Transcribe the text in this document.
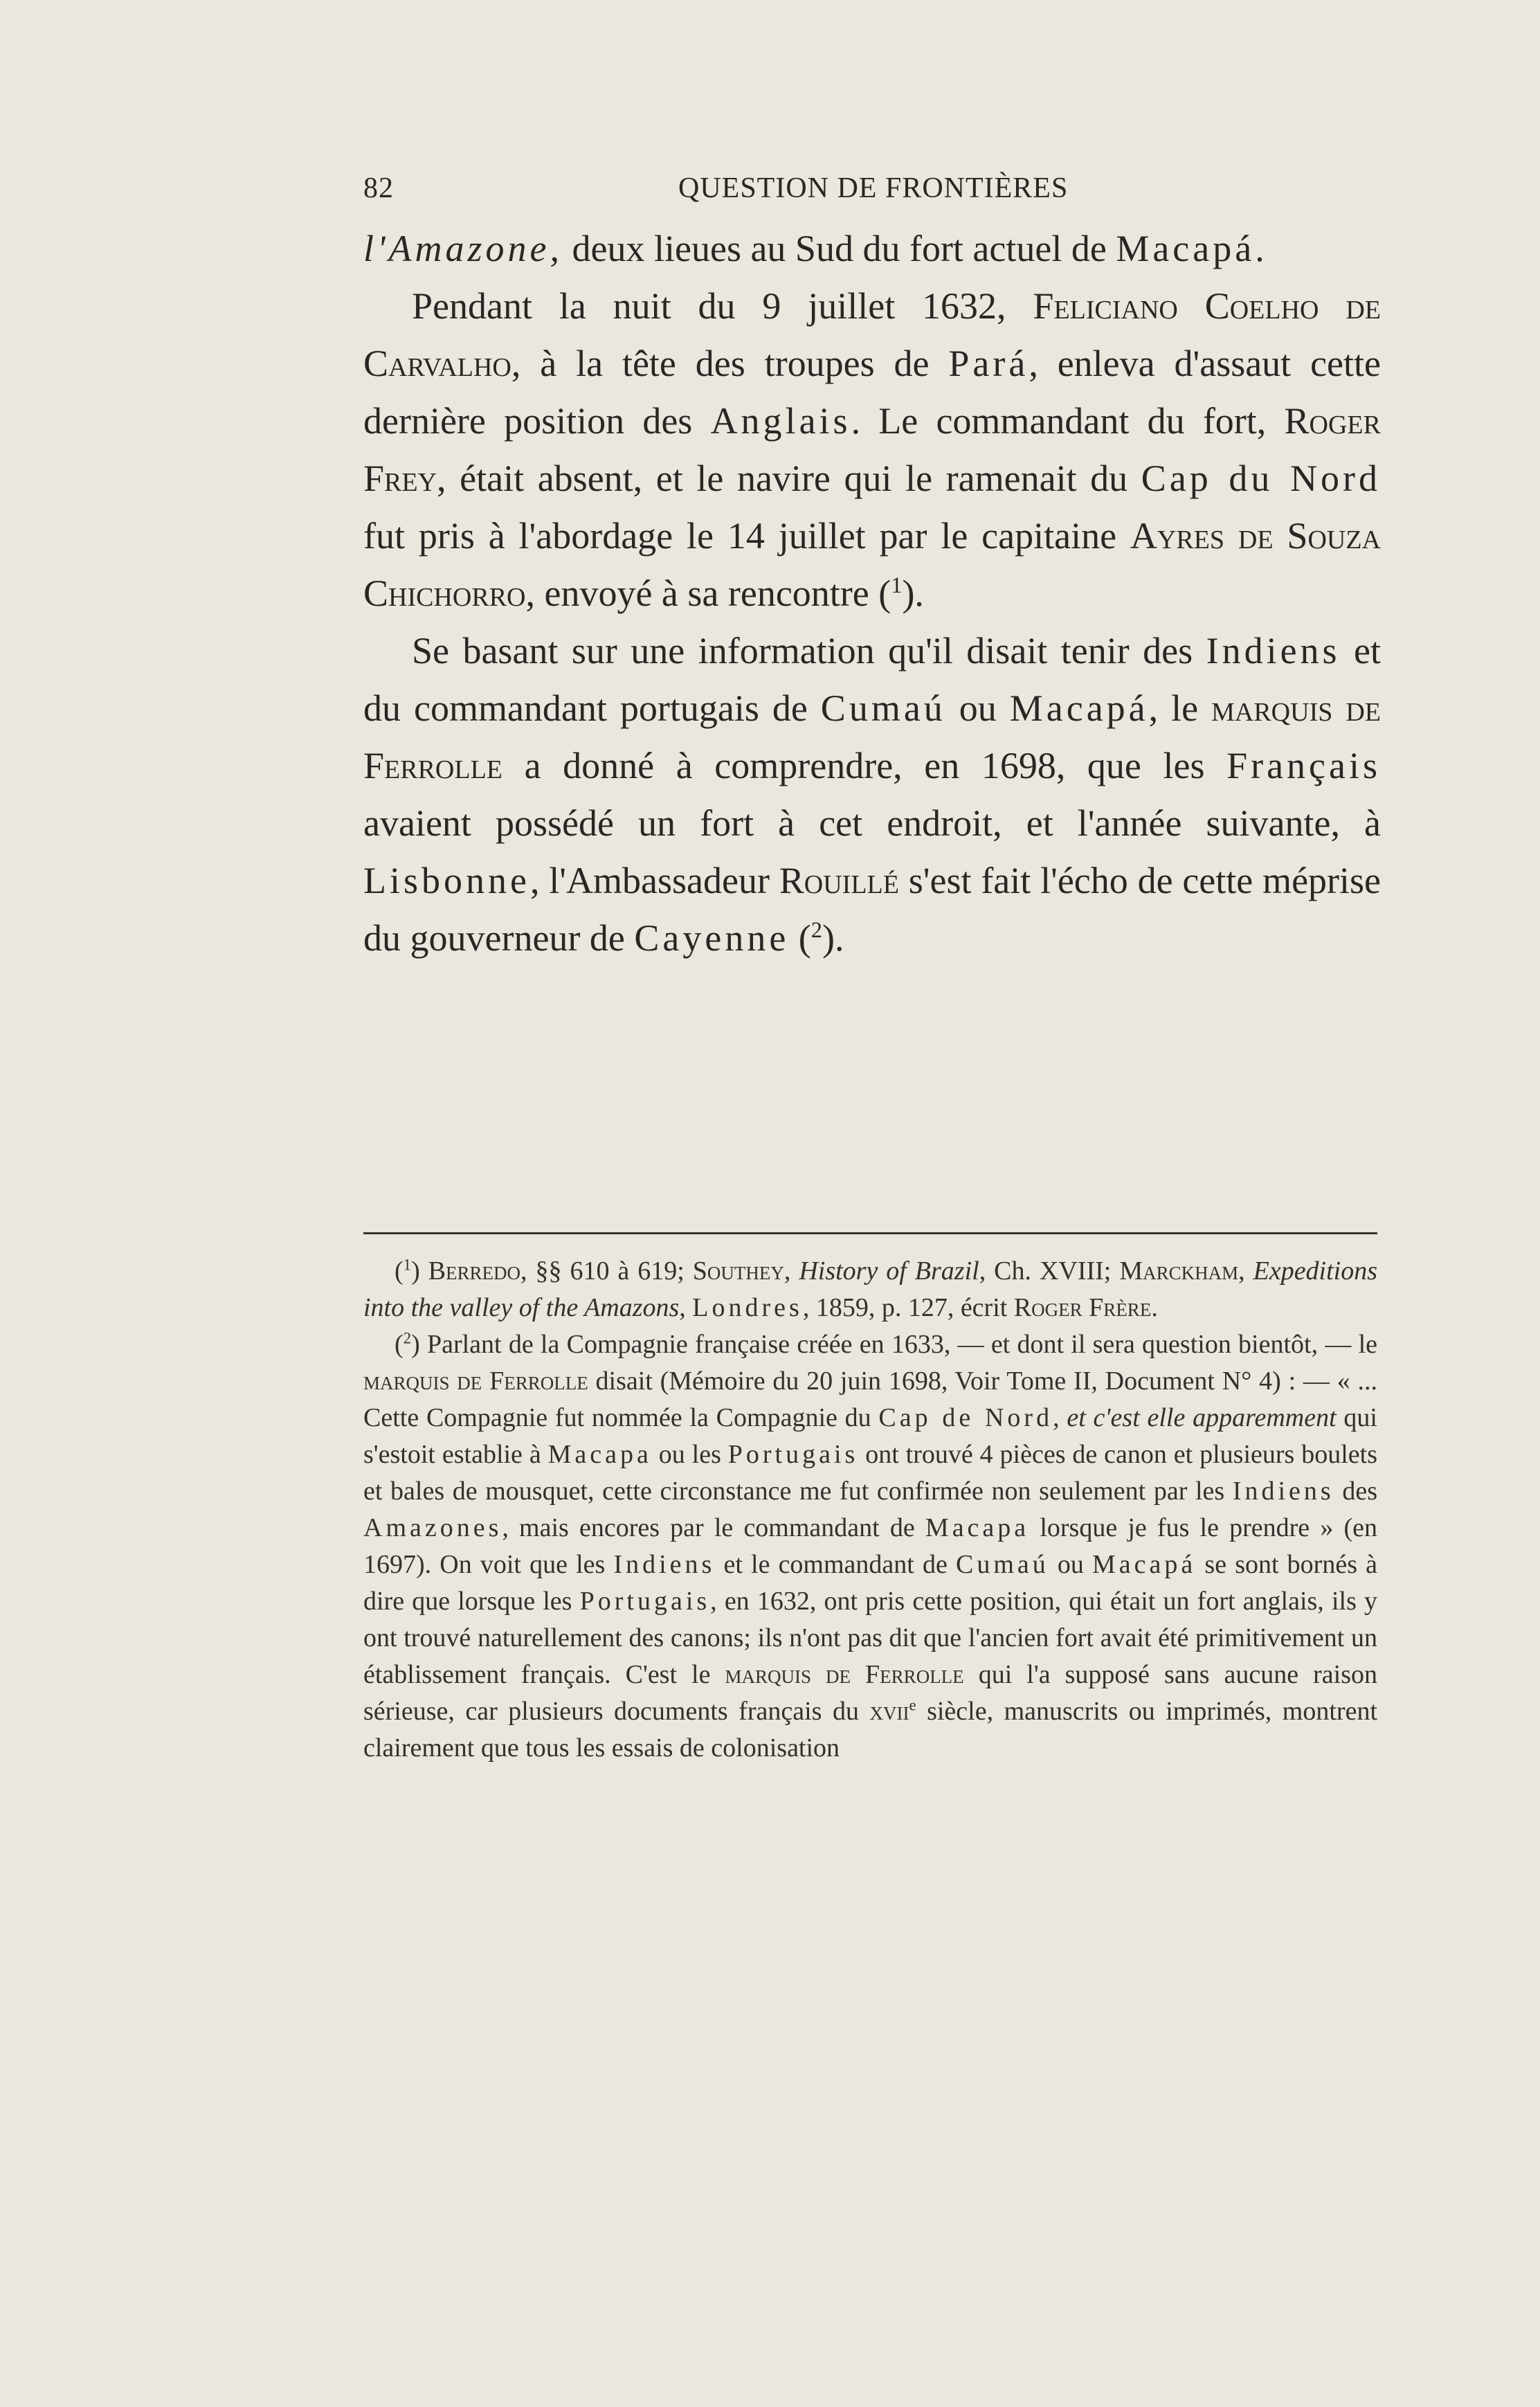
82	QUESTION DE FRONTIÈRES

l'Amazone, deux lieues au Sud du fort actuel de Macapá.

Pendant la nuit du 9 juillet 1632, Feliciano Coelho de Carvalho, à la tête des troupes de Pará, enleva d'assaut cette dernière position des Anglais. Le commandant du fort, Roger Frey, était absent, et le navire qui le ramenait du Cap du Nord fut pris à l'abordage le 14 juillet par le capitaine Ayres de Souza Chichorro, envoyé à sa rencontre ($^1$).

Se basant sur une information qu'il disait tenir des Indiens et du commandant portugais de Cumaú ou Macapá, le marquis de Ferrolle a donné à comprendre, en 1698, que les Français avaient possédé un fort à cet endroit, et l'année suivante, à Lisbonne, l'Ambassadeur Rouillé s'est fait l'écho de cette méprise du gouverneur de Cayenne ($^2$).

($^1$) Berredo, §§ 610 à 619; Southey, History of Brazil, Ch. XVIII; Marckham, Expeditions into the valley of the Amazons, Londres, 1859, p. 127, écrit Roger Frère.

($^2$) Parlant de la Compagnie française créée en 1633, — et dont il sera question bientôt, — le marquis de Ferrolle disait (Mémoire du 20 juin 1698, Voir Tome II, Document N° 4) : — « ... Cette Compagnie fut nommée la Compagnie du Cap de Nord, et c'est elle apparemment qui s'estoit establie à Macapa ou les Portugais ont trouvé 4 pièces de canon et plusieurs boulets et bales de mousquet, cette circonstance me fut confirmée non seulement par les Indiens des Amazones, mais encores par le commandant de Macapa lorsque je fus le prendre » (en 1697). On voit que les Indiens et le commandant de Cumaú ou Macapá se sont bornés à dire que lorsque les Portugais, en 1632, ont pris cette position, qui était un fort anglais, ils y ont trouvé naturellement des canons; ils n'ont pas dit que l'ancien fort avait été primitivement un établissement français. C'est le marquis de Ferrolle qui l'a supposé sans aucune raison sérieuse, car plusieurs documents français du xvii$^e$ siècle, manuscrits ou imprimés, montrent clairement que tous les essais de colonisation
